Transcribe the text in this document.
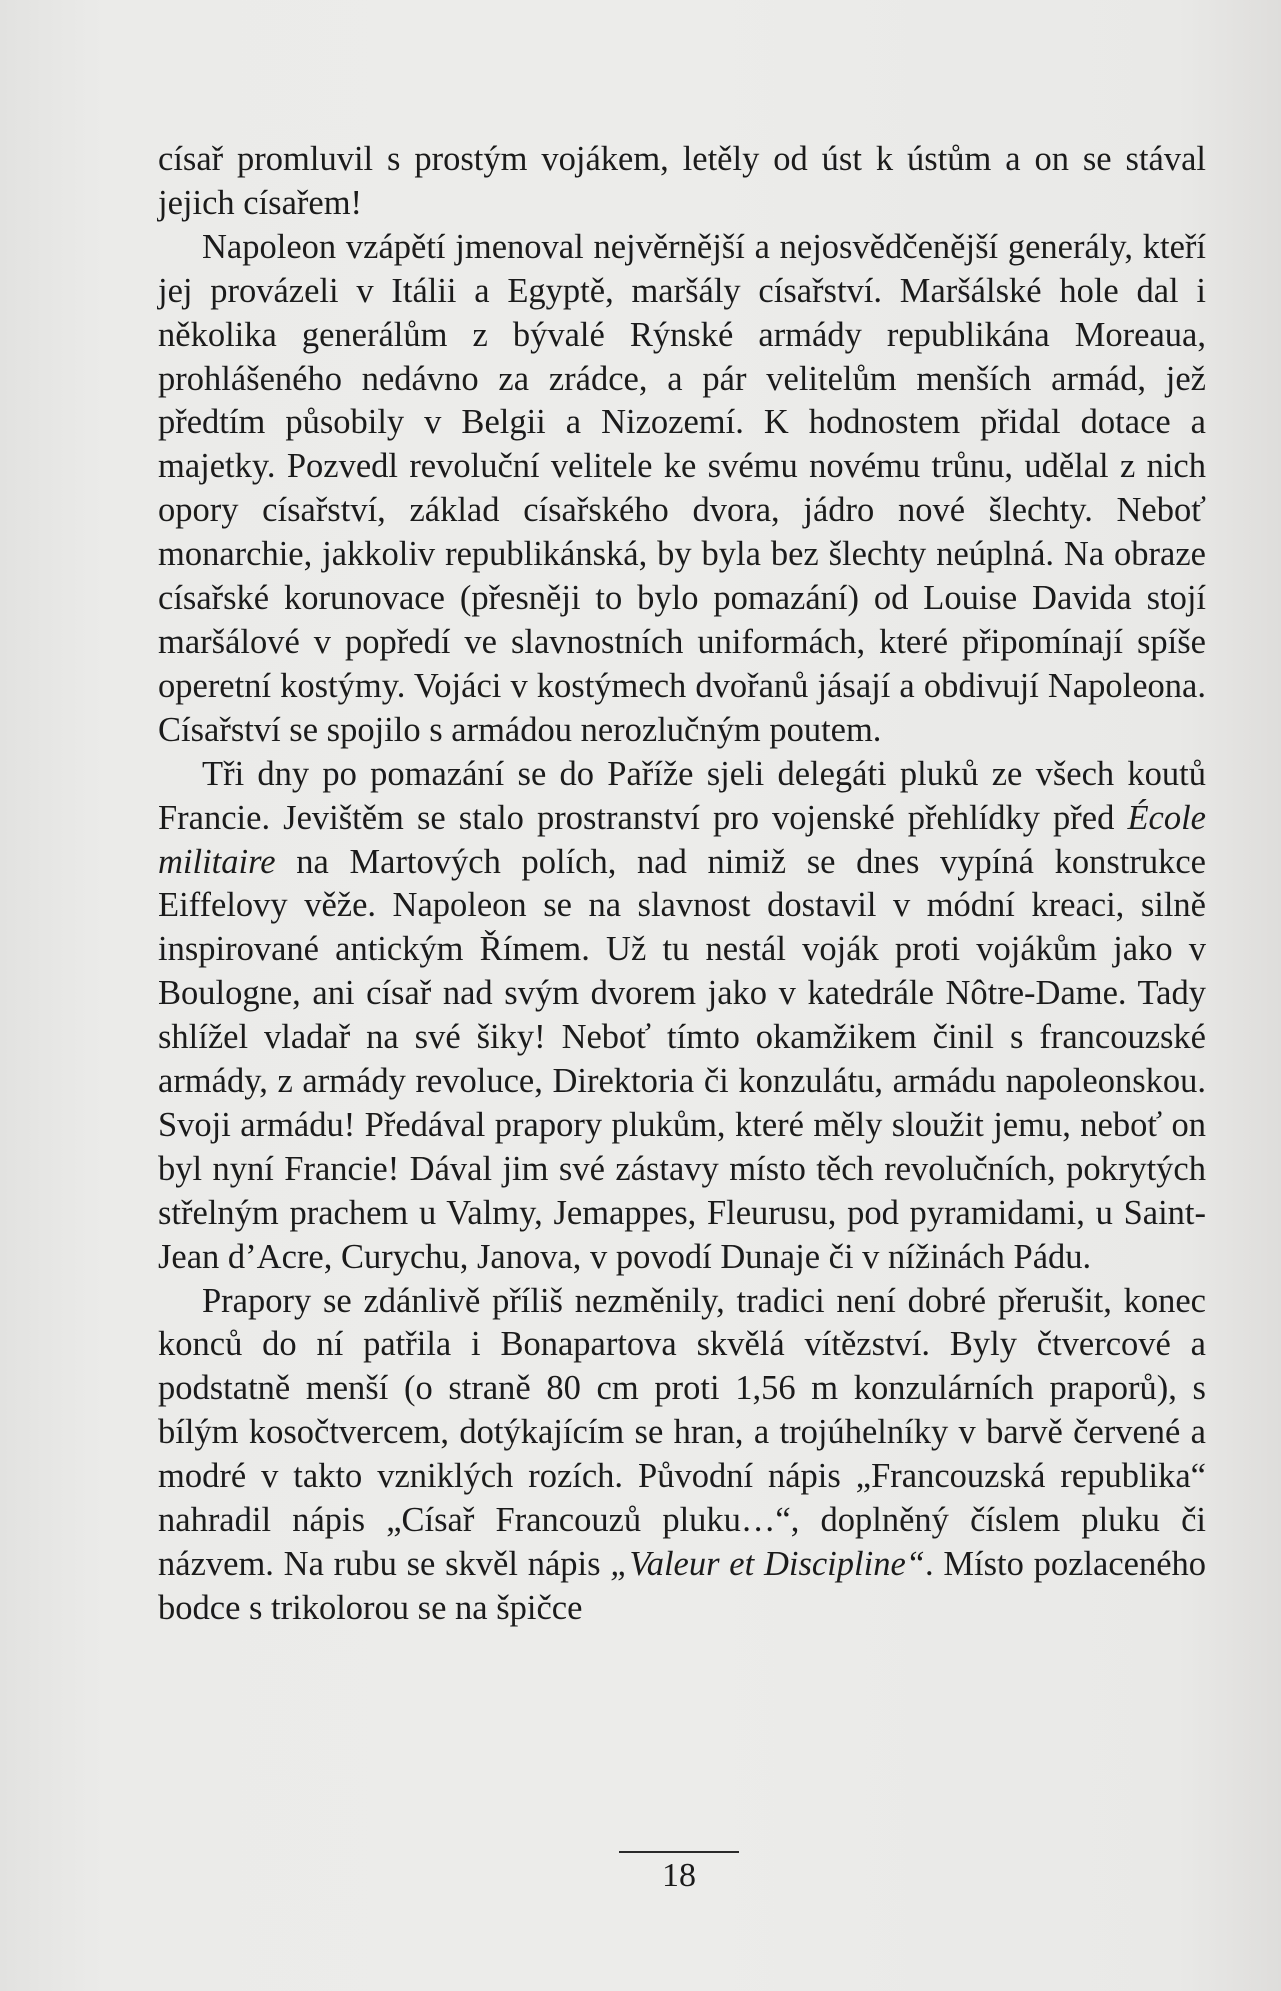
císař promluvil s prostým vojákem, letěly od úst k ústům a on se stával jejich císařem!

Napoleon vzápětí jmenoval nejvěrnější a nejosvědčenější generály, kteří jej provázeli v Itálii a Egyptě, maršály císařství. Maršálské hole dal i několika generálům z bývalé Rýnské armády republikána Moreaua, prohlášeného nedávno za zrádce, a pár velitelům menších armád, jež předtím působily v Belgii a Nizozemí. K hodnostem přidal dotace a majetky. Pozvedl revoluční velitele ke svému novému trůnu, udělal z nich opory císařství, základ císařského dvora, jádro nové šlechty. Neboť monarchie, jakkoliv republikánská, by byla bez šlechty neúplná. Na obraze císařské korunovace (přesněji to bylo pomazání) od Louise Davida stojí maršálové v popředí ve slavnostních uniformách, které připomínají spíše operetní kostýmy. Vojáci v kostýmech dvořanů jásají a obdivují Napoleona. Císařství se spojilo s armádou nerozlučným poutem.

Tři dny po pomazání se do Paříže sjeli delegáti pluků ze všech koutů Francie. Jevištěm se stalo prostranství pro vojenské přehlídky před École militaire na Martových polích, nad nimiž se dnes vypíná konstrukce Eiffelovy věže. Napoleon se na slavnost dostavil v módní kreaci, silně inspirované antickým Římem. Už tu nestál voják proti vojákům jako v Boulogne, ani císař nad svým dvorem jako v katedrále Nôtre-Dame. Tady shlížel vladař na své šiky! Neboť tímto okamžikem činil s francouzské armády, z armády revoluce, Direktoria či konzulátu, armádu napoleonskou. Svoji armádu! Předával prapory plukům, které měly sloužit jemu, neboť on byl nyní Francie! Dával jim své zástavy místo těch revolučních, pokrytých střelným prachem u Valmy, Jemappes, Fleurusu, pod pyramidami, u Saint-Jean d’Acre, Curychu, Janova, v povodí Dunaje či v nížinách Pádu.

Prapory se zdánlivě příliš nezměnily, tradici není dobré přerušit, konec konců do ní patřila i Bonapartova skvělá vítězství. Byly čtvercové a podstatně menší (o straně 80 cm proti 1,56 m konzulárních praporů), s bílým kosočtvercem, dotýkajícím se hran, a trojúhelníky v barvě červené a modré v takto vzniklých rozích. Původní nápis „Francouzská republika“ nahradil nápis „Císař Francouzů pluku…“, doplněný číslem pluku či názvem. Na rubu se skvěl nápis „Valeur et Discipline“. Místo pozlaceného bodce s trikolorou se na špičce

18
